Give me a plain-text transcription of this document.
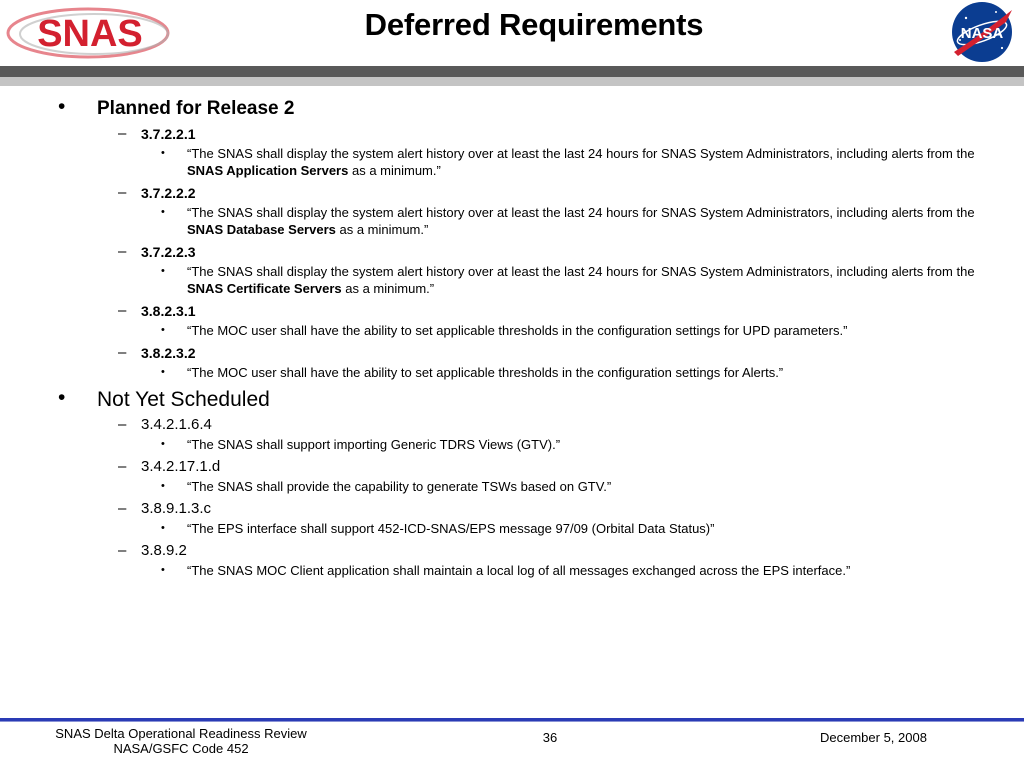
SNAS	Deferred Requirements	NASA
•	Planned for Release 2
–	3.7.2.2.1
• “The SNAS shall display the system alert history over at least the last 24 hours for SNAS System Administrators, including alerts from the SNAS Application Servers as a minimum.”
–	3.7.2.2.2
• “The SNAS shall display the system alert history over at least the last 24 hours for SNAS System Administrators, including alerts from the SNAS Database Servers as a minimum.”
–	3.7.2.2.3
• “The SNAS shall display the system alert history over at least the last 24 hours for SNAS System Administrators, including alerts from the SNAS Certificate Servers as a minimum.”
–	3.8.2.3.1
• “The MOC user shall have the ability to set applicable thresholds in the configuration settings for UPD parameters.”
–	3.8.2.3.2
• “The MOC user shall have the ability to set applicable thresholds in the configuration settings for Alerts.”
•	Not Yet Scheduled
– 3.4.2.1.6.4
• “The SNAS shall support importing Generic TDRS Views (GTV).”
– 3.4.2.17.1.d
• “The SNAS shall provide the capability to generate TSWs based on GTV.”
– 3.8.9.1.3.c
• “The EPS interface shall support 452-ICD-SNAS/EPS message 97/09 (Orbital Data Status)”
– 3.8.9.2
• “The SNAS MOC Client application shall maintain a local log of all messages exchanged across the EPS interface.”
SNAS Delta Operational Readiness Review
NASA/GSFC Code 452
36	December 5, 2008
